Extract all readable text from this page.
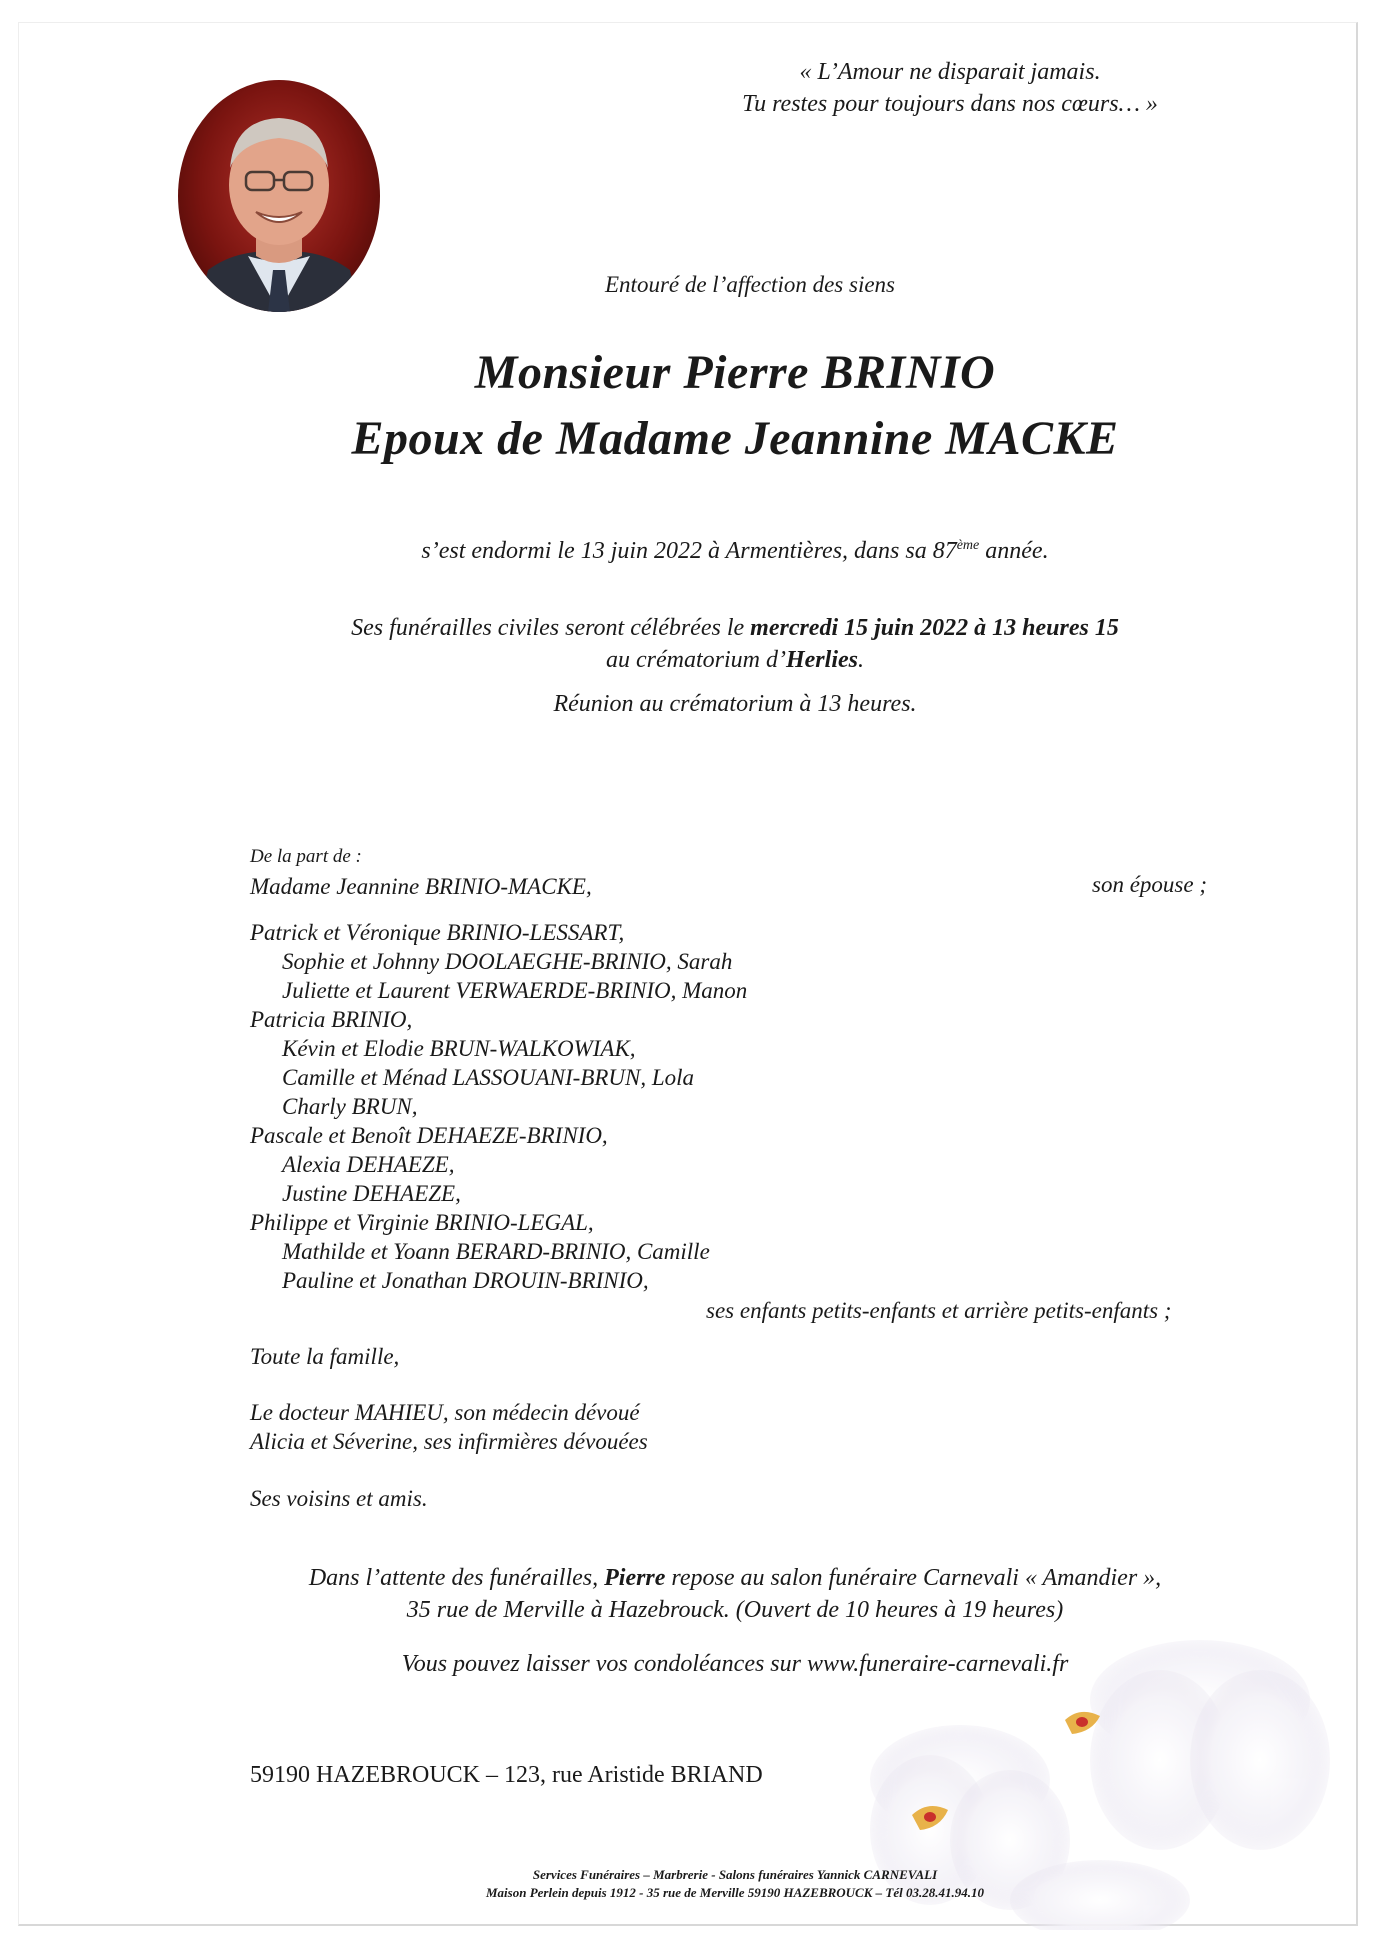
« L’Amour ne disparait jamais.
Tu restes pour toujours dans nos cœurs… »
Entouré de l’affection des siens
Monsieur Pierre BRINIO
Epoux de Madame Jeannine MACKE
s’est endormi le 13 juin 2022 à Armentières, dans sa 87ème année.
Ses funérailles civiles seront célébrées le mercredi 15 juin 2022 à 13 heures 15
au crématorium d’Herlies.
Réunion au crématorium à 13 heures.
De la part de :
Madame Jeannine BRINIO-MACKE,	son épouse ;
Patrick et Véronique BRINIO-LESSART,
Sophie et Johnny DOOLAEGHE-BRINIO, Sarah
Juliette et Laurent VERWAERDE-BRINIO, Manon
Patricia BRINIO,
Kévin et Elodie BRUN-WALKOWIAK,
Camille et Ménad LASSOUANI-BRUN, Lola
Charly BRUN,
Pascale et Benoît DEHAEZE-BRINIO,
Alexia DEHAEZE,
Justine DEHAEZE,
Philippe et Virginie BRINIO-LEGAL,
Mathilde et Yoann BERARD-BRINIO, Camille
Pauline et Jonathan DROUIN-BRINIO,
ses enfants petits-enfants et arrière petits-enfants ;
Toute la famille,
Le docteur MAHIEU, son médecin dévoué
Alicia et Séverine, ses infirmières dévouées
Ses voisins et amis.
Dans l’attente des funérailles, Pierre repose au salon funéraire Carnevali « Amandier »,
35 rue de Merville à Hazebrouck. (Ouvert de 10 heures à 19 heures)
Vous pouvez laisser vos condoléances sur www.funeraire-carnevali.fr
59190 HAZEBROUCK – 123, rue Aristide BRIAND
Services Funéraires – Marbrerie - Salons funéraires Yannick CARNEVALI
Maison Perlein depuis 1912 - 35 rue de Merville 59190 HAZEBROUCK – Tél 03.28.41.94.10
